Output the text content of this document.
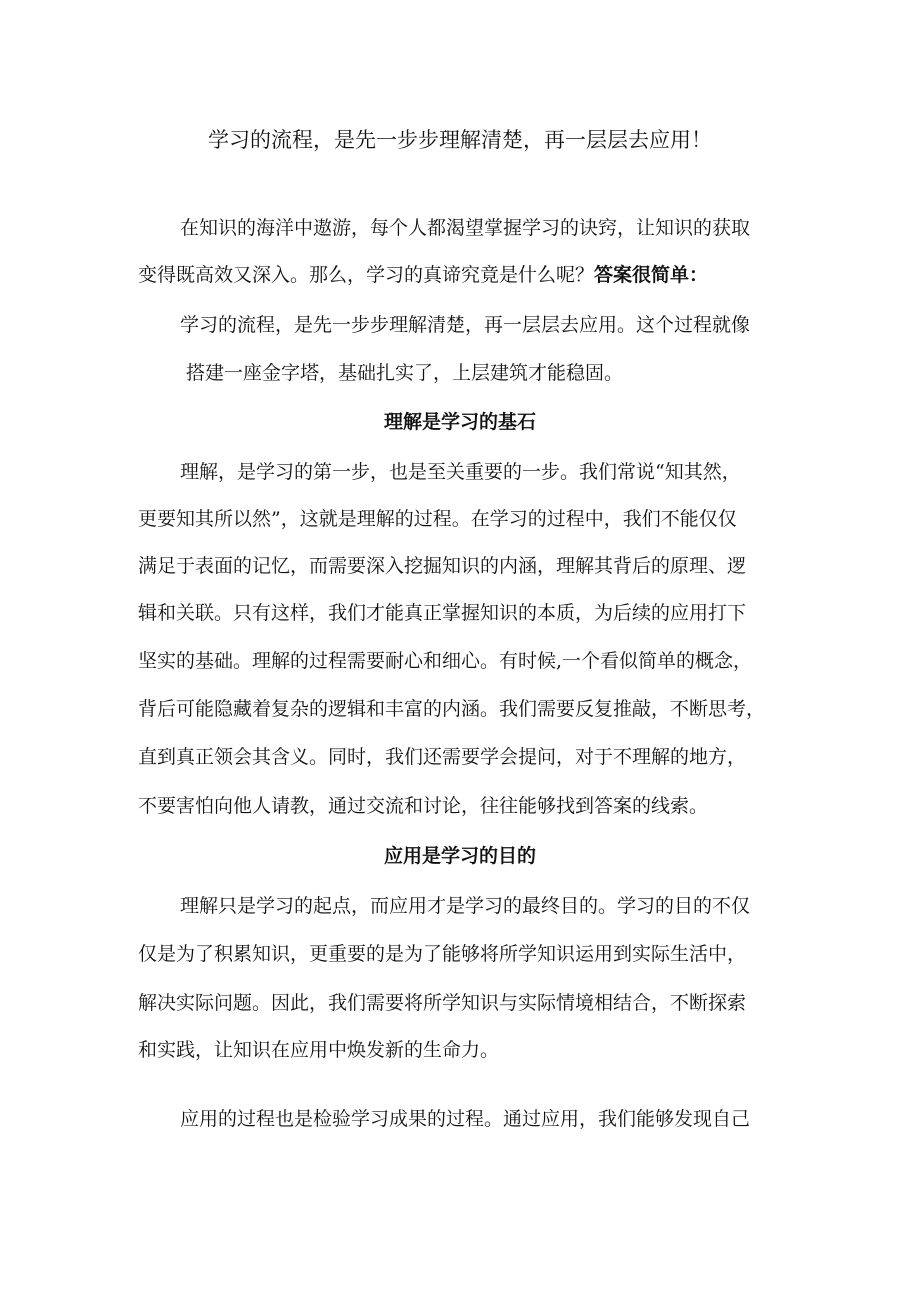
学习的流程，是先一步步理解清楚，再一层层去应用！
在知识的海洋中遨游，每个人都渴望掌握学习的诀窍，让知识的获取
变得既高效又深入。那么，学习的真谛究竟是什么呢？答案很简单：
学习的流程，是先一步步理解清楚，再一层层去应用。这个过程就像
搭建一座金字塔，基础扎实了，上层建筑才能稳固。
理解是学习的基石
理解，是学习的第一步，也是至关重要的一步。我们常说“知其然，
更要知其所以然”，这就是理解的过程。在学习的过程中，我们不能仅仅
满足于表面的记忆，而需要深入挖掘知识的内涵，理解其背后的原理、逻
辑和关联。只有这样，我们才能真正掌握知识的本质，为后续的应用打下
坚实的基础。理解的过程需要耐心和细心。有时候,一个看似简单的概念，
背后可能隐藏着复杂的逻辑和丰富的内涵。我们需要反复推敲，不断思考，
直到真正领会其含义。同时，我们还需要学会提问，对于不理解的地方，
不要害怕向他人请教，通过交流和讨论，往往能够找到答案的线索。
应用是学习的目的
理解只是学习的起点，而应用才是学习的最终目的。学习的目的不仅
仅是为了积累知识，更重要的是为了能够将所学知识运用到实际生活中，
解决实际问题。因此，我们需要将所学知识与实际情境相结合，不断探索
和实践，让知识在应用中焕发新的生命力。
应用的过程也是检验学习成果的过程。通过应用，我们能够发现自己
